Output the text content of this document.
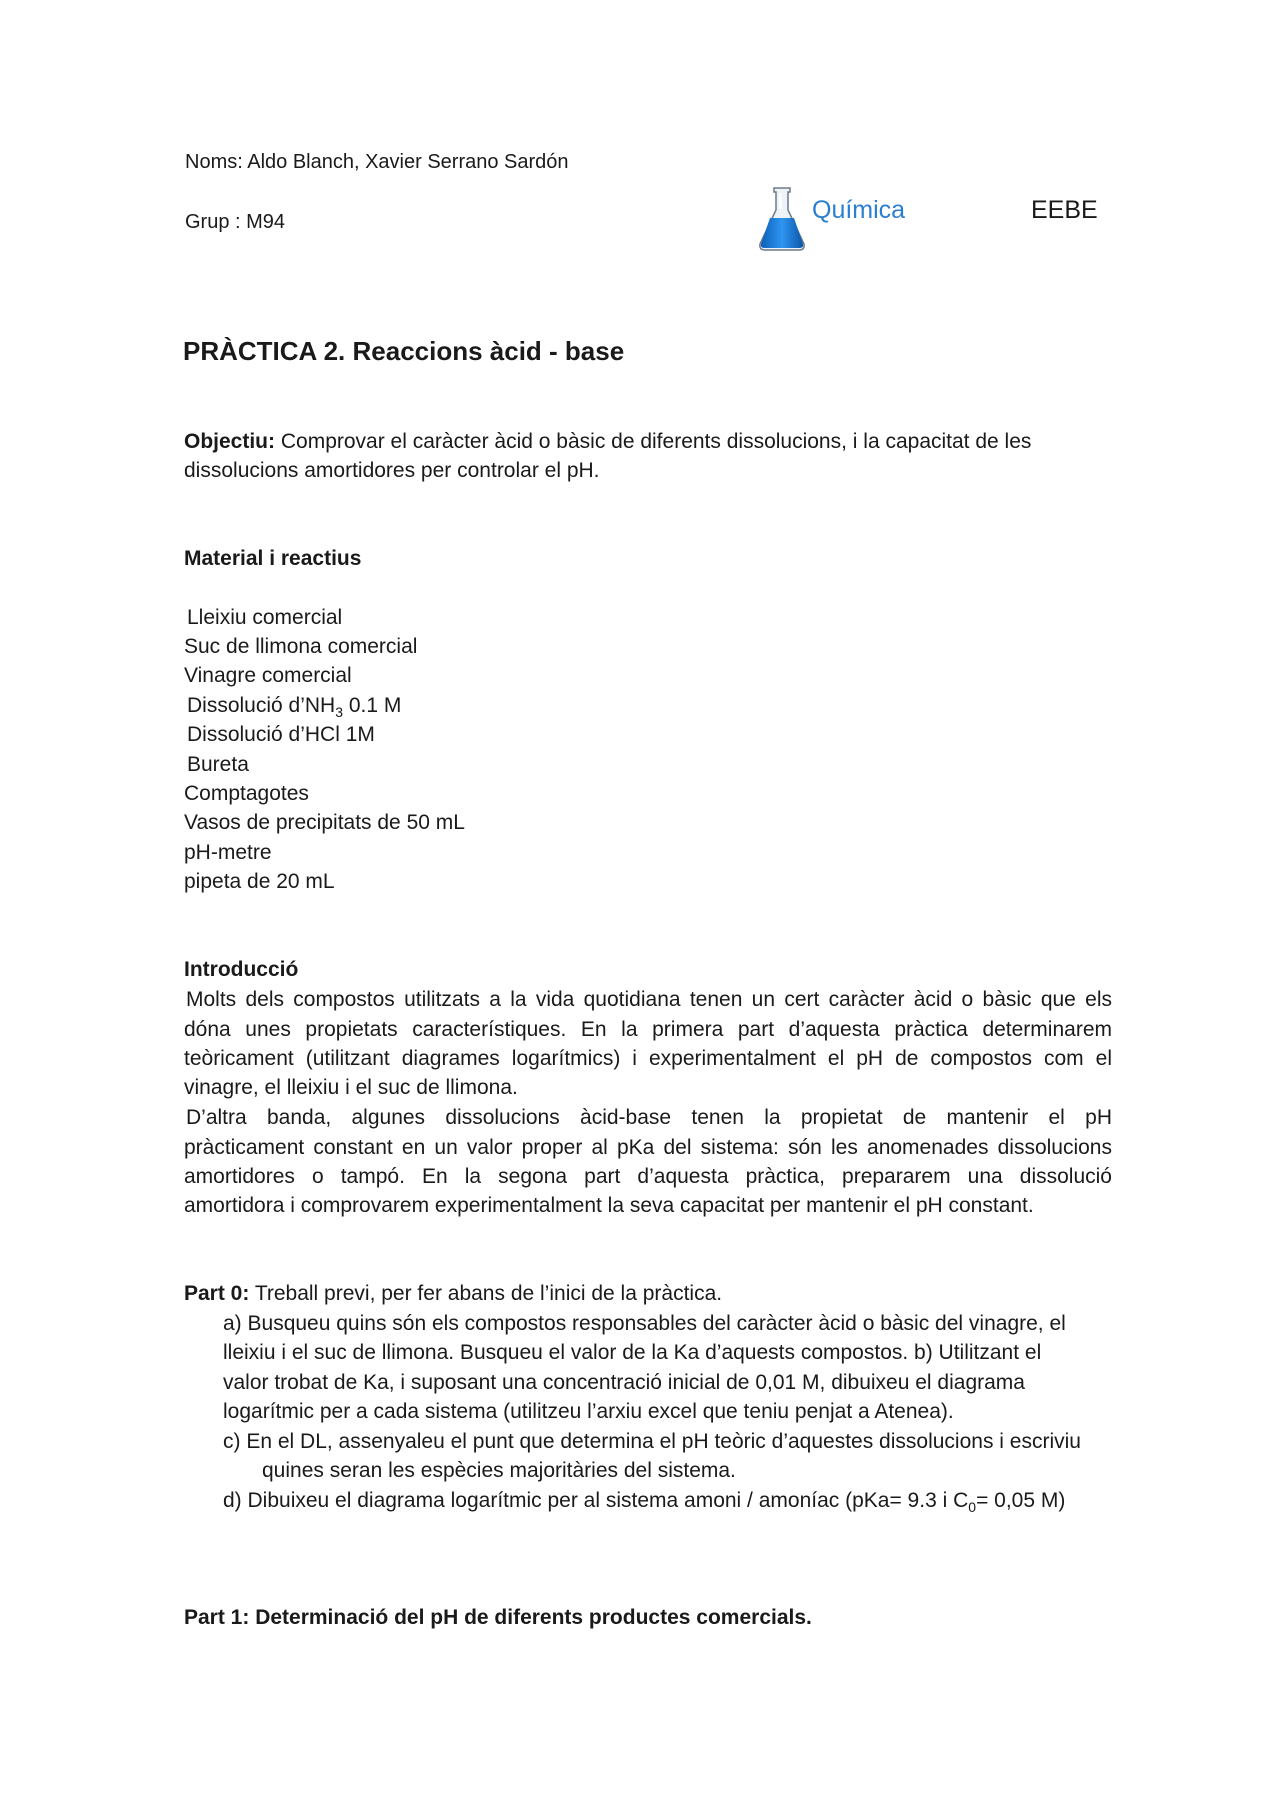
Noms: Aldo Blanch, Xavier Serrano Sardón
Grup : M94	Química	EEBE
PRÀCTICA 2. Reaccions àcid - base
Objectiu: Comprovar el caràcter àcid o bàsic de diferents dissolucions, i la capacitat de les
dissolucions amortidores per controlar el pH.
Material i reactius
Lleixiu comercial
Suc de llimona comercial
Vinagre comercial
Dissolució $d’NH_3$ 0.1 M
Dissolució d’HCl 1M
Bureta
Comptagotes
Vasos de precipitats de 50 mL
pH-metre
pipeta de 20 mL
Introducció
Molts dels compostos utilitzats a la vida quotidiana tenen un cert caràcter àcid o bàsic que els
dóna unes propietats característiques. En la primera part d’aquesta pràctica determinarem
teòricament (utilitzant diagrames logarítmics) i experimentalment el pH de compostos com el
vinagre, el lleixiu i el suc de llimona.
D’altra banda, algunes dissolucions àcid-base tenen la propietat de mantenir el pH
pràcticament constant en un valor proper al pKa del sistema: són les anomenades dissolucions
amortidores o tampó. En la segona part d’aquesta pràctica, prepararem una dissolució
amortidora i comprovarem experimentalment la seva capacitat per mantenir el pH constant.
Part 0: Treball previ, per fer abans de l’inici de la pràctica.
a) Busqueu quins són els compostos responsables del caràcter àcid o bàsic del vinagre, el
lleixiu i el suc de llimona. Busqueu el valor de la Ka d’aquests compostos. b) Utilitzant el
valor trobat de Ka, i suposant una concentració inicial de 0,01 M, dibuixeu el diagrama
logarítmic per a cada sistema (utilitzeu l’arxiu excel que teniu penjat a Atenea).
c) En el DL, assenyaleu el punt que determina el pH teòric d’aquestes dissolucions i escriviu
quines seran les espècies majoritàries del sistema.
d) Dibuixeu el diagrama logarítmic per al sistema amoni / amoníac (pKa= 9.3 i $C_0= 0,05$ M)
Part 1: Determinació del pH de diferents productes comercials.
